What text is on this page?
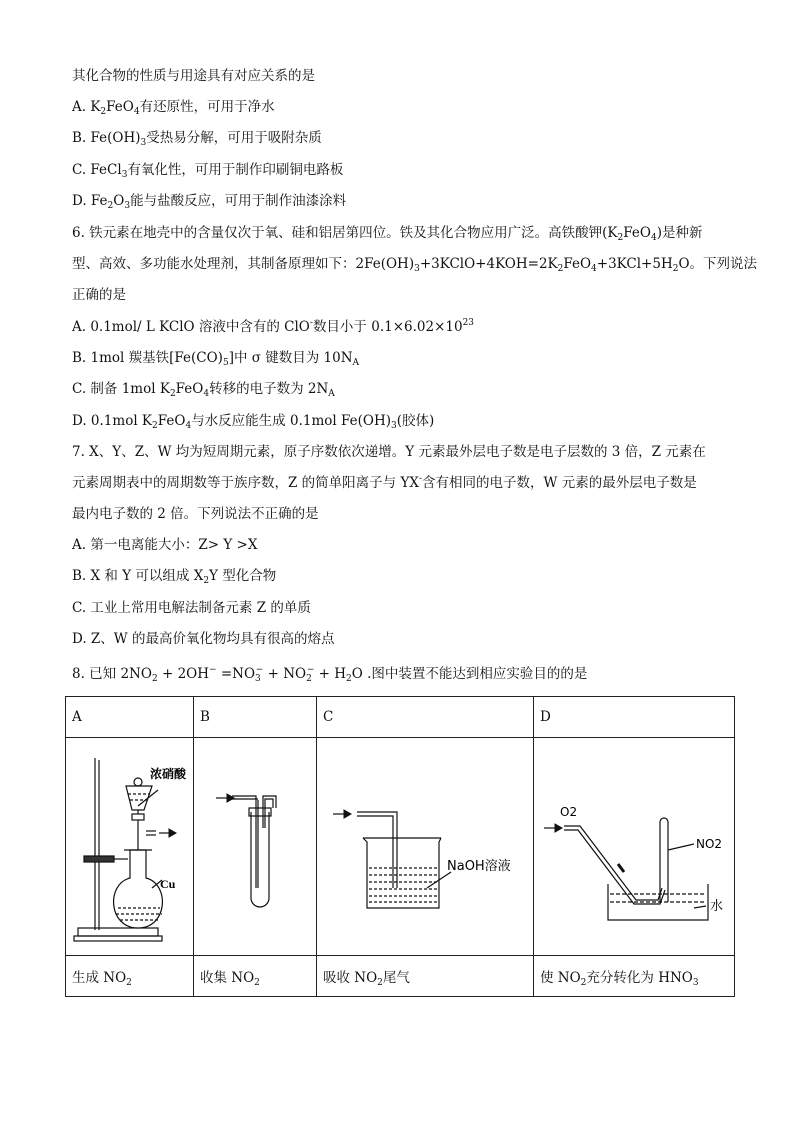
其化合物的性质与用途具有对应关系的是
A. $K_2FeO_4$有还原性，可用于净水
B. $Fe(OH)_3$受热易分解，可用于吸附杂质
C. FeCl$_3$有氧化性，可用于制作印刷铜电路板
D. $Fe_2O_3$能与盐酸反应，可用于制作油漆涂料
6. 铁元素在地壳中的含量仅次于氧、硅和铝居第四位。铁及其化合物应用广泛。高铁酸钾$(K_2FeO_4)$是种新
型、高效、多功能水处理剂，其制备原理如下：$2Fe(OH)_3+3KClO+4KOH=2K_2FeO_4+3KCl+5H_2O$。下列说法
正确的是
A. 0.1mol/ L KClO 溶液中含有的 ClO-数目小于 $0.1\times 6.02\times 10^{23}$
B. 1mol 羰基铁$[Fe(CO)_5]$中 σ 键数目为 $10N_A$
C. 制备 1mol $K_2FeO_4$转移的电子数为 $2N_A$
D. 0.1mol $K_2FeO_4$与水反应能生成 0.1mol $Fe(OH)_3$(胶体)
7. X、Y、Z、W 均为短周期元素，原子序数依次递增。Y 元素最外层电子数是电子层数的 3 倍，Z 元素在
元素周期表中的周期数等于族序数，Z 的简单阳离子与 YX-含有相同的电子数，W 元素的最外层电子数是
最内电子数的 2 倍。下列说法不正确的是
A. 第一电离能大小：Z> Y >X
B. X 和 Y 可以组成 $X_2Y$ 型化合物
C. 工业上常用电解法制备元素 Z 的单质
D. Z、W 的最高价氧化物均具有很高的熔点
8. 已知 $2NO_2 + 2OH^- =NO_3^- + NO_2^- + H_2O$ .图中装置不能达到相应实验目的的是
A	B	C	D

浓硝酸
Cu		NaOH溶液	O2
NO2
水

生成 $NO_2$	收集 $NO_2$	吸收 $NO_2$尾气	使 $NO_2$充分转化为 $HNO_3$
